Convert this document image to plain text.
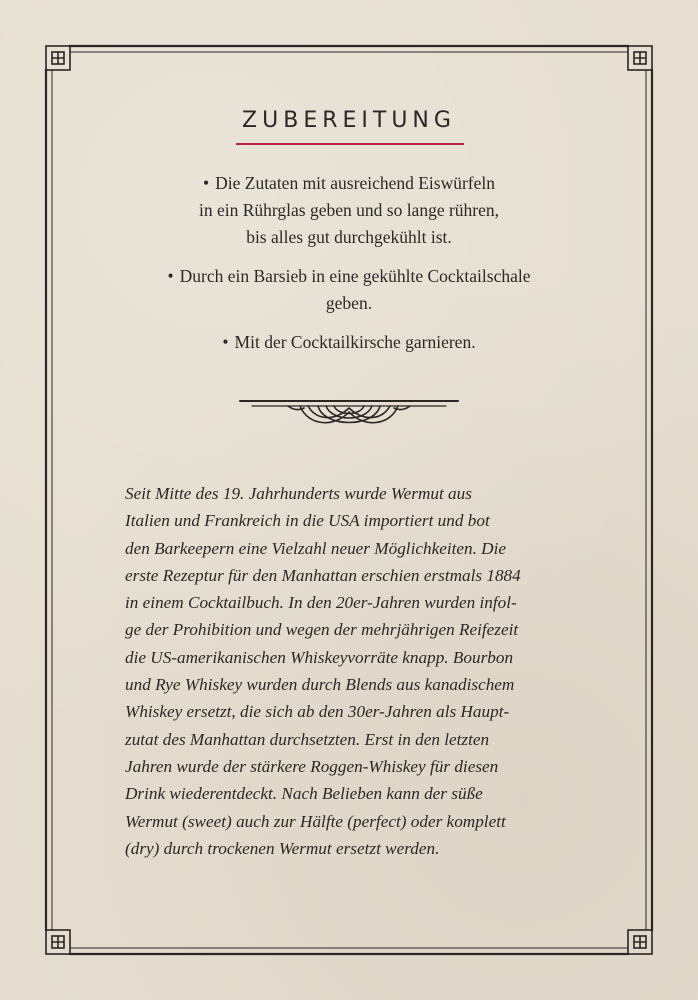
ZUBEREITUNG
• Die Zutaten mit ausreichend Eiswürfeln
in ein Rührglas geben und so lange rühren,
bis alles gut durchgekühlt ist.
• Durch ein Barsieb in eine gekühlte Cocktailschale
geben.
• Mit der Cocktailkirsche garnieren.

Seit Mitte des 19. Jahrhunderts wurde Wermut aus
Italien und Frankreich in die USA importiert und bot
den Barkeepern eine Vielzahl neuer Möglichkeiten. Die
erste Rezeptur für den Manhattan erschien erstmals 1884
in einem Cocktailbuch. In den 20er-Jahren wurden infol-
ge der Prohibition und wegen der mehrjährigen Reifezeit
die US-amerikanischen Whiskeyvorräte knapp. Bourbon
und Rye Whiskey wurden durch Blends aus kanadischem
Whiskey ersetzt, die sich ab den 30er-Jahren als Haupt-
zutat des Manhattan durchsetzten. Erst in den letzten
Jahren wurde der stärkere Roggen-Whiskey für diesen
Drink wiederentdeckt. Nach Belieben kann der süße
Wermut (sweet) auch zur Hälfte (perfect) oder komplett
(dry) durch trockenen Wermut ersetzt werden.
